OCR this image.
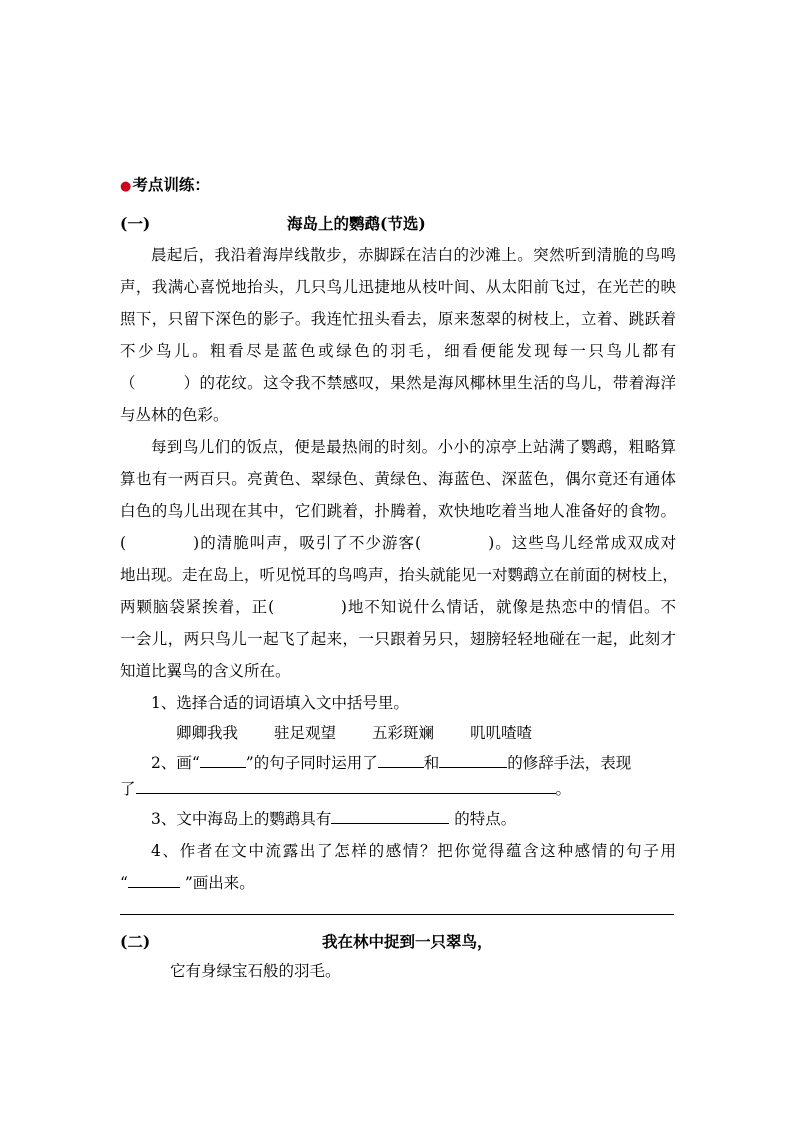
●考点训练：
(一)	海岛上的鹦鹉(节选)
晨起后，我沿着海岸线散步，赤脚踩在洁白的沙滩上。突然听到清脆的鸟鸣
声，我满心喜悦地抬头，几只鸟儿迅捷地从枝叶间、从太阳前飞过，在光芒的映
照下，只留下深色的影子。我连忙扭头看去，原来葱翠的树枝上，立着、跳跃着
不少鸟儿。粗看尽是蓝色或绿色的羽毛，细看便能发现每一只鸟儿都有
（　　　）的花纹。这令我不禁感叹，果然是海风椰林里生活的鸟儿，带着海洋
与丛林的色彩。
每到鸟儿们的饭点，便是最热闹的时刻。小小的凉亭上站满了鹦鹉，粗略算
算也有一两百只。亮黄色、翠绿色、黄绿色、海蓝色、深蓝色，偶尔竟还有通体
白色的鸟儿出现在其中，它们跳着，扑腾着，欢快地吃着当地人准备好的食物。
(　　　　)的清脆叫声，吸引了不少游客(　　　　)。这些鸟儿经常成双成对
地出现。走在岛上，听见悦耳的鸟鸣声，抬头就能见一对鹦鹉立在前面的树枝上，
两颗脑袋紧挨着，正(　　　　)地不知说什么情话，就像是热恋中的情侣。不
一会儿，两只鸟儿一起飞了起来，一只跟着另只，翅膀轻轻地碰在一起，此刻才
知道比翼鸟的含义所在。
1、选择合适的词语填入文中括号里。
卿卿我我 驻足观望 五彩斑斓 叽叽喳喳
2、画“	”的句子同时运用了	和	的修辞手法，表现
了	。
3、文中海岛上的鹦鹉具有	的特点。
4、作者在文中流露出了怎样的感情？把你觉得蕴含这种感情的句子用
“	”画出来。
(二)	我在林中捉到一只翠鸟，
它有身绿宝石般的羽毛。
